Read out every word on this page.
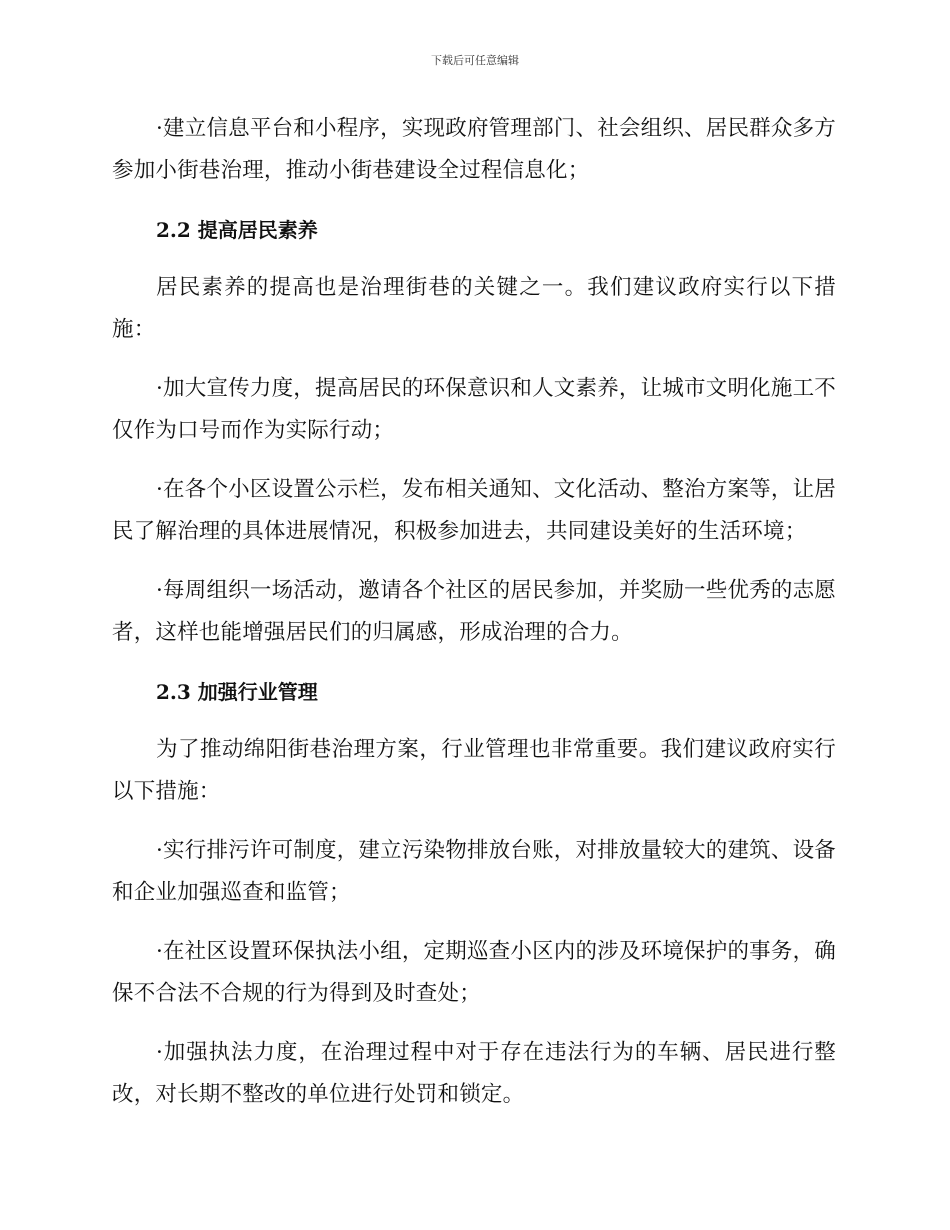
下载后可任意编辑

·建立信息平台和小程序，实现政府管理部门、社会组织、居民群众多方参加小街巷治理，推动小街巷建设全过程信息化；

2.2 提高居民素养

居民素养的提高也是治理街巷的关键之一。我们建议政府实行以下措施：

·加大宣传力度，提高居民的环保意识和人文素养，让城市文明化施工不仅作为口号而作为实际行动；

·在各个小区设置公示栏，发布相关通知、文化活动、整治方案等，让居民了解治理的具体进展情况，积极参加进去，共同建设美好的生活环境；

·每周组织一场活动，邀请各个社区的居民参加，并奖励一些优秀的志愿者，这样也能增强居民们的归属感，形成治理的合力。

2.3 加强行业管理

为了推动绵阳街巷治理方案，行业管理也非常重要。我们建议政府实行以下措施：

·实行排污许可制度，建立污染物排放台账，对排放量较大的建筑、设备和企业加强巡查和监管；

·在社区设置环保执法小组，定期巡查小区内的涉及环境保护的事务，确保不合法不合规的行为得到及时查处；

·加强执法力度，在治理过程中对于存在违法行为的车辆、居民进行整改，对长期不整改的单位进行处罚和锁定。
